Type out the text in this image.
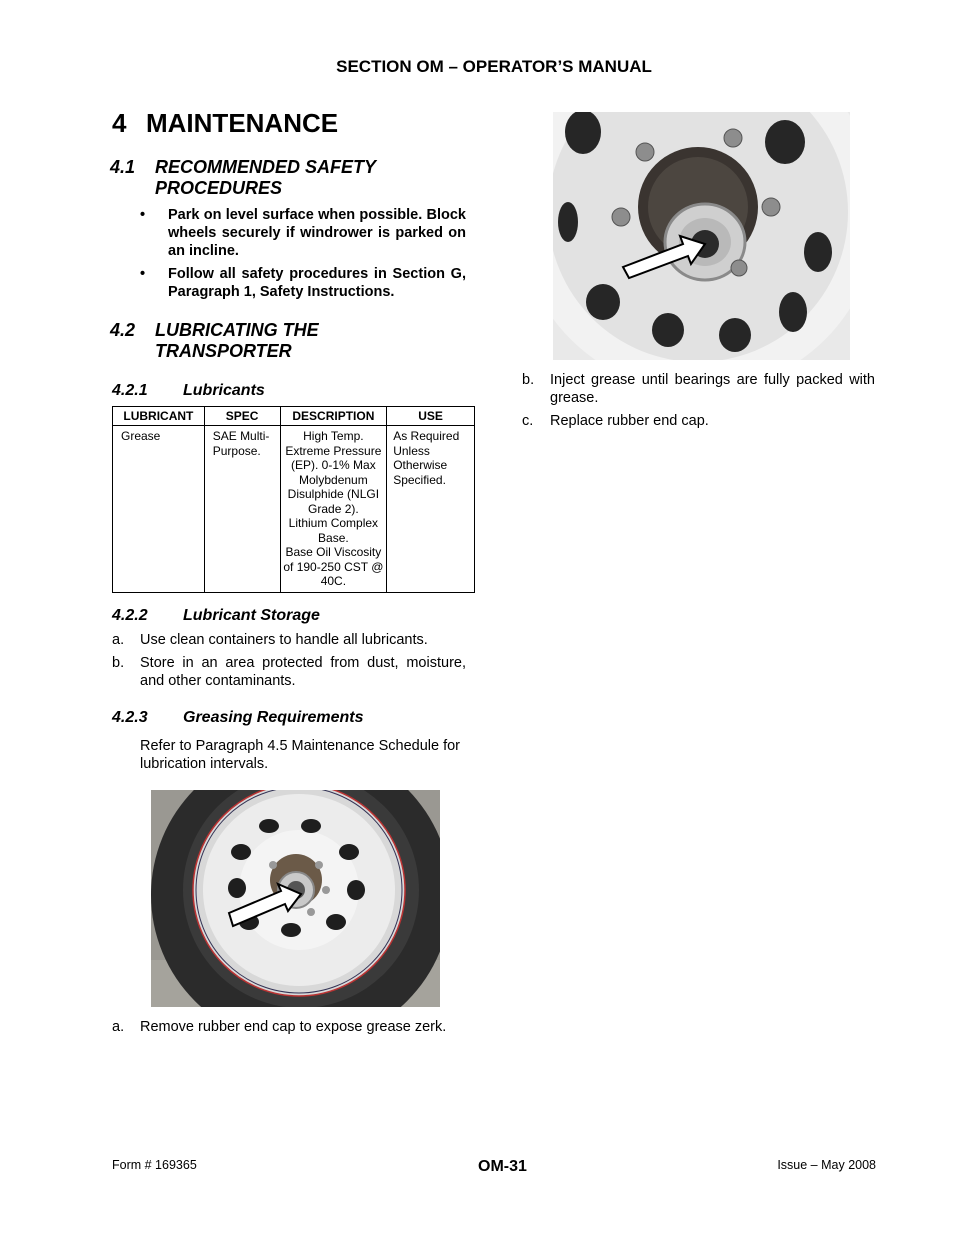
SECTION OM – OPERATOR’S MANUAL
4 MAINTENANCE
4.1 RECOMMENDED SAFETY PROCEDURES
• Park on level surface when possible. Block wheels securely if windrower is parked on an incline.
• Follow all safety procedures in Section G, Paragraph 1, Safety Instructions.
4.2 LUBRICATING THE TRANSPORTER
4.2.1 Lubricants
LUBRICANT	SPEC	DESCRIPTION	USE
Grease	SAE Multi-Purpose.	High Temp. Extreme Pressure (EP). 0-1% Max Molybdenum Disulphide (NLGI Grade 2).
Lithium Complex Base.
Base Oil Viscosity of 190-250 CST @ 40C.	As Required Unless Otherwise Specified.
4.2.2 Lubricant Storage
a. Use clean containers to handle all lubricants.
b. Store in an area protected from dust, moisture, and other contaminants.
4.2.3 Greasing Requirements
Refer to Paragraph 4.5 Maintenance Schedule for lubrication intervals.
a. Remove rubber end cap to expose grease zerk.
b. Inject grease until bearings are fully packed with grease.
c. Replace rubber end cap.
Form # 169365	OM-31	Issue – May 2008
